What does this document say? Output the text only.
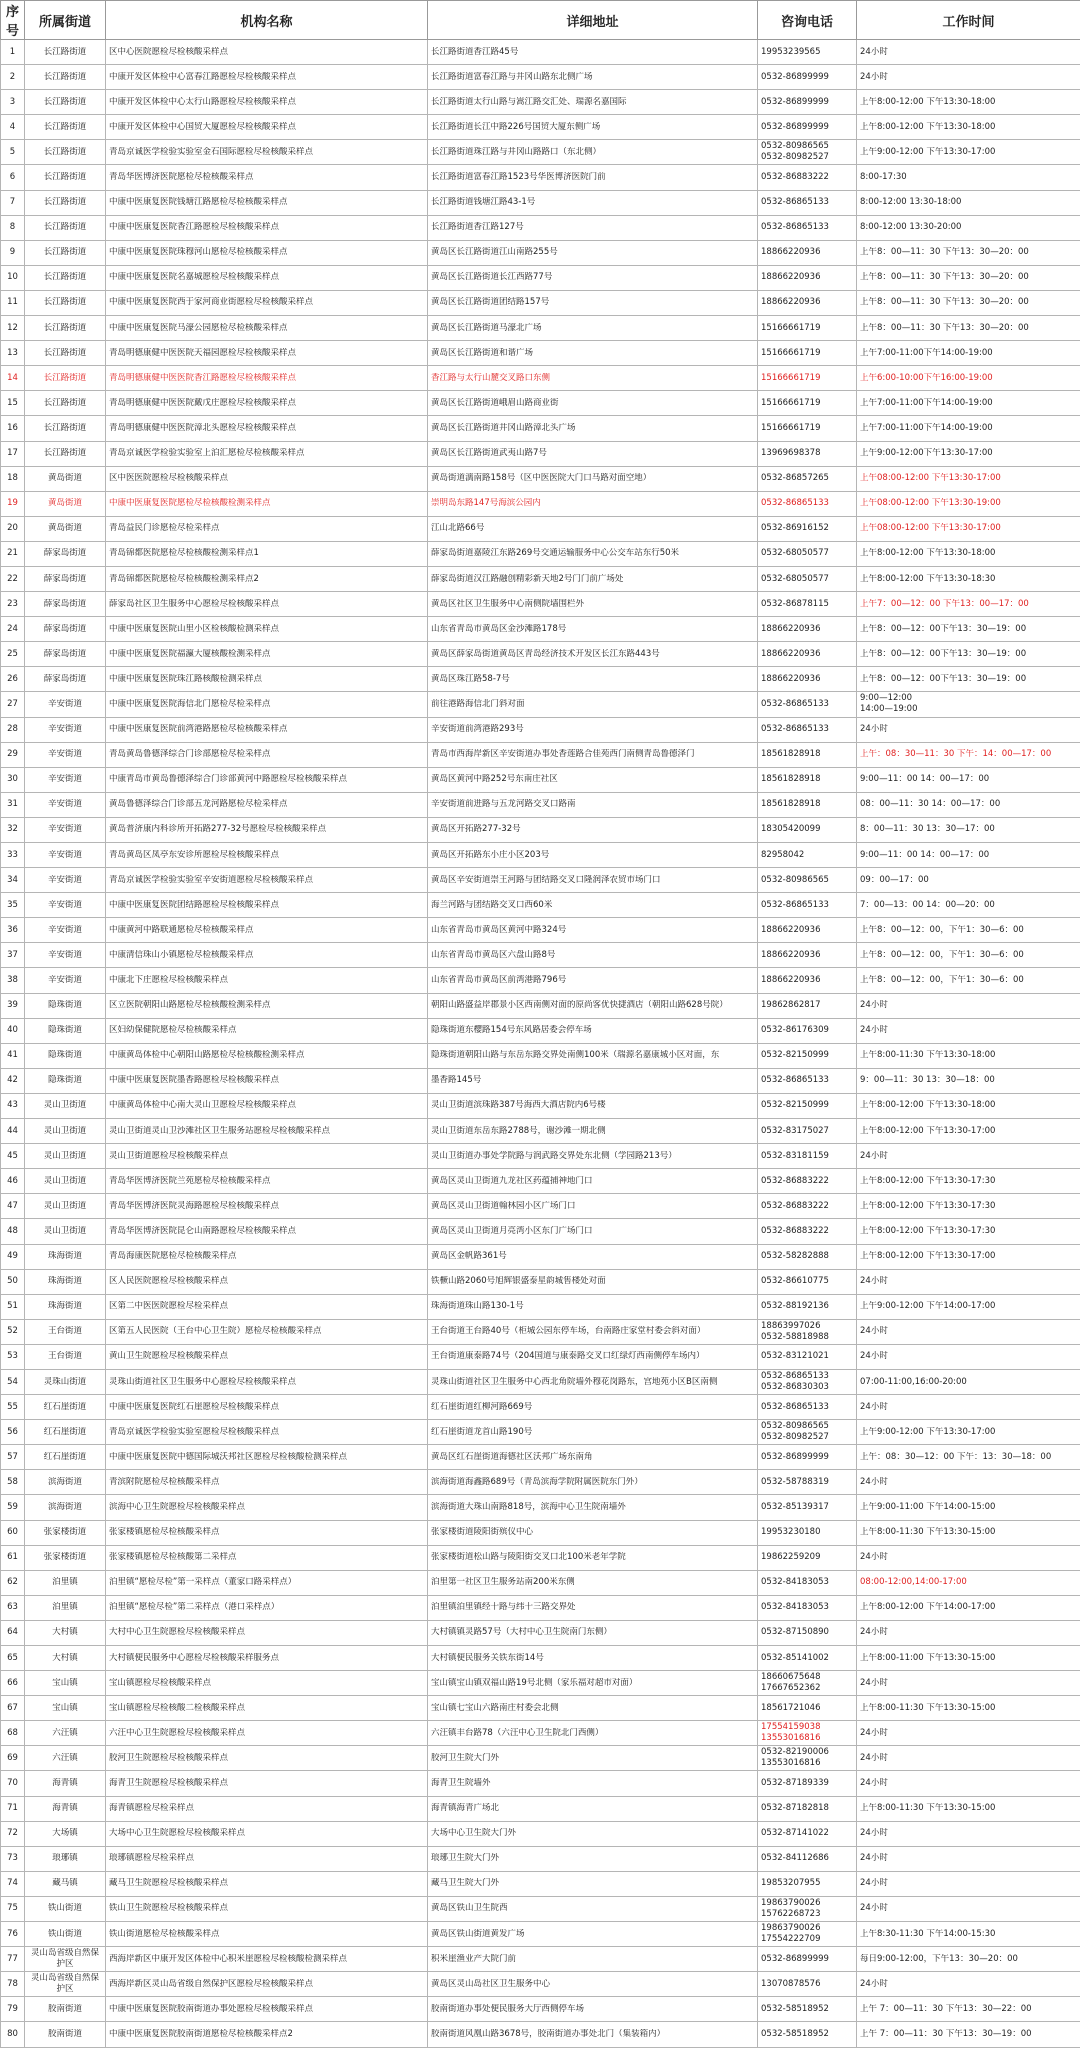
序号	所属街道	机构名称	详细地址	咨询电话	工作时间

1	长江路街道	区中心医院愿检尽检核酸采样点	长江路街道香江路45号	19953239565	24小时

2	长江路街道	中康开发区体检中心富春江路愿检尽检核酸采样点	长江路街道富春江路与井冈山路东北侧广场	0532-86899999	24小时

3	长江路街道	中康开发区体检中心太行山路愿检尽检核酸采样点	长江路街道太行山路与嵩江路交汇处、瑞源名嘉国际	0532-86899999	上午8:00-12:00 下午13:30-18:00

4	长江路街道	中康开发区体检中心国贸大厦愿检尽检核酸采样点	长江路街道长江中路226号国贸大厦东侧广场	0532-86899999	上午8:00-12:00 下午13:30-18:00

5	长江路街道	青岛京诚医学检验实验室金石国际愿检尽检核酸采样点	长江路街道珠江路与井冈山路路口（东北侧）	0532-80986565
0532-80982527	上午9:00-12:00 下午13:30-17:00

6	长江路街道	青岛华医博济医院愿检尽检核酸采样点	长江路街道富春江路1523号华医博济医院门前	0532-86883222	8:00-17:30

7	长江路街道	中康中医康复医院钱塘江路愿检尽检核酸采样点	长江路街道钱塘江路43-1号	0532-86865133	8:00-12:00 13:30-18:00

8	长江路街道	中康中医康复医院香江路愿检尽检核酸采样点	长江路街道香江路127号	0532-86865133	8:00-12:00 13:30-20:00

9	长江路街道	中康中医康复医院珠穆河山愿检尽检核酸采样点	黄岛区长江路街道江山南路255号	18866220936	上午8：00—11：30 下午13：30—20：00

10	长江路街道	中康中医康复医院名嘉城愿检尽检核酸采样点	黄岛区长江路街道长江西路77号	18866220936	上午8：00—11：30 下午13：30—20：00

11	长江路街道	中康中医康复医院西于家河商业街愿检尽检核酸采样点	黄岛区长江路街道团结路157号	18866220936	上午8：00—11：30 下午13：30—20：00

12	长江路街道	中康中医康复医院马濠公园愿检尽检核酸采样点	黄岛区长江路街道马濠北广场	15166661719	上午8：00—11：30 下午13：30—20：00

13	长江路街道	青岛明德康健中医医院天福园愿检尽检核酸采样点	黄岛区长江路街道和谐广场	15166661719	上午7:00-11:00下午14:00-19:00

14	长江路街道	青岛明德康健中医医院香江路愿检尽检核酸采样点	香江路与太行山麓交叉路口东侧	15166661719	上午6:00-10:00下午16:00-19:00

15	长江路街道	青岛明德康健中医医院戴戊庄愿检尽检核酸采样点	黄岛区长江路街道峨眉山路商业街	15166661719	上午7:00-11:00下午14:00-19:00

16	长江路街道	青岛明德康健中医医院漳北头愿检尽检核酸采样点	黄岛区长江路街道井冈山路漳北头广场	15166661719	上午7:00-11:00下午14:00-19:00

17	长江路街道	青岛京诚医学检验实验室上泊汇愿检尽检核酸采样点	黄岛区长江路街道武夷山路7号	13969698378	上午9:00-12:00下午13:30-17:00

18	黄岛街道	区中医医院愿检尽检核酸采样点	黄岛街道漓南路158号（区中医医院大门口马路对面空地）	0532-86857265	上午08:00-12:00 下午13:30-17:00

19	黄岛街道	中康中医康复医院愿检尽检核酸检测采样点	崇明岛东路147号海滨公园内	0532-86865133	上午08:00-12:00 下午13:30-19:00

20	黄岛街道	青岛益民门诊愿检尽检采样点	江山北路66号	0532-86916152	上午08:00-12:00 下午13:30-17:00

21	薛家岛街道	青岛锦都医院愿检尽检核酸检测采样点1	薛家岛街道嘉陵江东路269号交通运输服务中心公交车站东行50米	0532-68050577	上午8:00-12:00 下午13:30-18:00

22	薛家岛街道	青岛锦都医院愿检尽检核酸检测采样点2	薛家岛街道汉江路融创精彩新天地2号门门前广场处	0532-68050577	上午8:00-12:00 下午13:30-18:30

23	薛家岛街道	薛家岛社区卫生服务中心愿检尽检核酸采样点	黄岛区社区卫生服务中心南侧院墙围栏外	0532-86878115	上午7：00—12：00 下午13：00—17：00

24	薛家岛街道	中康中医康复医院山里小区检核酸检测采样点	山东省青岛市黄岛区金沙滩路178号	18866220936	上午8：00—12：00下午13：30—19：00

25	薛家岛街道	中康中医康复医院福瀛大厦核酸检测采样点	黄岛区薛家岛街道黄岛区青岛经济技术开发区长江东路443号	18866220936	上午8：00—12：00下午13：30—19：00

26	薛家岛街道	中康中医康复医院珠江路核酸检测采样点	黄岛区珠江路58-7号	18866220936	上午8：00—12：00下午13：30—19：00

27	辛安街道	中康中医康复医院海信北门愿检尽检采样点	前往港路海信北门斜对面	0532-86865133	9:00—12:00
14:00—19:00

28	辛安街道	中康中医康复医院前湾港路愿检尽检核酸采样点	辛安街道前湾港路293号	0532-86865133	24小时

29	辛安街道	青岛黄岛鲁德泽综合门诊部愿检尽检采样点	青岛市西海岸新区辛安街道办事处香莲路合佳苑西门南侧青岛鲁德泽门	18561828918	上午：08：30—11：30 下午：14：00—17：00

30	辛安街道	中康青岛市黄岛鲁德泽综合门诊部黄河中路愿检尽检核酸采样点	黄岛区黄河中路252号东南庄社区	18561828918	9:00—11：00 14：00—17：00

31	辛安街道	黄岛鲁德泽综合门诊部五龙河路愿检尽检采样点	辛安街道前进路与五龙河路交叉口路南	18561828918	08：00—11：30 14：00—17：00

32	辛安街道	黄岛普济康内科诊所开拓路277-32号愿检尽检核酸采样点	黄岛区开拓路277-32号	18305420099	8：00—11：30 13：30—17：00

33	辛安街道	青岛黄岛区凤亭东安诊所愿检尽检核酸采样点	黄岛区开拓路东小庄小区203号	82958042	9:00—11：00 14：00—17：00

34	辛安街道	青岛京诚医学检验实验室辛安街道愿检尽检核酸采样点	黄岛区辛安街道崇王河路与团结路交叉口隆润泽农贸市场门口	0532-80986565	09：00—17：00

35	辛安街道	中康中医康复医院团结路愿检尽检核酸采样点	海兰河路与团结路交叉口西60米	0532-86865133	7：00—13：00 14：00—20：00

36	辛安街道	中康黄河中路联通愿检尽检核酸采样点	山东省青岛市黄岛区黄河中路324号	18866220936	上午8：00—12：00，下午1：30—6：00

37	辛安街道	中康清信珠山小镇愿检尽检核酸采样点	山东省青岛市黄岛区六盘山路8号	18866220936	上午8：00—12：00，下午1：30—6：00

38	辛安街道	中康北下庄愿检尽检核酸采样点	山东省青岛市黄岛区前湾港路796号	18866220936	上午8：00—12：00，下午1：30—6：00

39	隐珠街道	区立医院朝阳山路愿检尽检核酸检测采样点	朝阳山路盛益岸郡景小区西南侧对面的原尚客优快捷酒店（朝阳山路628号院）	19862862817	24小时

40	隐珠街道	区妇幼保健院愿检尽检核酸采样点	隐珠街道东樱路154号东风路居委会停车场	0532-86176309	24小时

41	隐珠街道	中康黄岛体检中心朝阳山路愿检尽检核酸检测采样点	隐珠街道朝阳山路与东岳东路交界处南侧100米（瑞源名嘉康城小区对面，东	0532-82150999	上午8:00-11:30 下午13:30-18:00

42	隐珠街道	中康中医康复医院墨香路愿检尽检核酸采样点	墨香路145号	0532-86865133	9：00—11：30 13：30—18：00

43	灵山卫街道	中康黄岛体检中心南大灵山卫愿检尽检核酸采样点	灵山卫街道滨珠路387号海西大酒店院内6号楼	0532-82150999	上午8:00-12:00 下午13:30-18:00

44	灵山卫街道	灵山卫街道灵山卫沙滩社区卫生服务站愿检尽检核酸采样点	灵山卫街道东岳东路2788号，谢沙滩一期北侧	0532-83175027	上午8:00-12:00 下午13:30-17:00

45	灵山卫街道	灵山卫街道愿检尽检核酸采样点	灵山卫街道办事处学院路与润武路交界处东北侧（学园路213号）	0532-83181159	24小时

46	灵山卫街道	青岛华医博济医院兰苑愿检尽检核酸采样点	黄岛区灵山卫街道九龙社区药蕴捕神地门口	0532-86883222	上午8:00-12:00 下午13:30-17:30

47	灵山卫街道	青岛华医博济医院灵海路愿检尽检核酸采样点	黄岛区灵山卫街道翰林园小区广场门口	0532-86883222	上午8:00-12:00 下午13:30-17:30

48	灵山卫街道	青岛华医博济医院昆仑山南路愿检尽检核酸采样点	黄岛区灵山卫街道月亮湾小区东门广场门口	0532-86883222	上午8:00-12:00 下午13:30-17:30

49	珠海街道	青岛海康医院愿检尽检核酸采样点	黄岛区金帆路361号	0532-58282888	上午8:00-12:00 下午13:30-17:00

50	珠海街道	区人民医院愿检尽检核酸采样点	铁橛山路2060号旭辉银盛泰星韵城售楼处对面	0532-86610775	24小时

51	珠海街道	区第二中医医院愿检尽检采样点	珠海街道珠山路130-1号	0532-88192136	上午9:00-12:00 下午14:00-17:00

52	王台街道	区第五人民医院（王台中心卫生院）愿检尽检核酸采样点	王台街道王台路40号（柜城公园东停车场，台南路庄家堂村委会斜对面）	18863997026
0532-58818988	24小时

53	王台街道	黄山卫生院愿检尽检核酸采样点	王台街道康泰路74号（204国道与康泰路交叉口红绿灯西南侧停车场内）	0532-83121021	24小时

54	灵珠山街道	灵珠山街道社区卫生服务中心愿检尽检核酸采样点	灵珠山街道社区卫生服务中心西北角院墙外穆花岗路东，宫地苑小区B区南侧	0532-86865133
0532-86830303	07:00-11:00,16:00-20:00

55	红石崖街道	中康中医康复医院红石崖愿检尽检核酸采样点	红石崖街道红柳河路669号	0532-86865133	24小时

56	红石崖街道	青岛京诚医学检验实验室愿检尽检核酸采样点	红石崖街道龙首山路190号	0532-80986565
0532-80982527	上午9:00-12:00 下午13:30-17:00

57	红石崖街道	中康中医康复医院中德国际城沃邦社区愿检尽检核酸检测采样点	黄岛区红石崖街道海德社区沃邦广场东南角	0532-86899999	上午：08：30—12：00 下午：13：30—18：00

58	滨海街道	青滨附院愿检尽检核酸采样点	滨海街道海鑫路689号（青岛滨海学院附属医院东门外）	0532-58788319	24小时

59	滨海街道	滨海中心卫生院愿检尽检核酸采样点	滨海街道大珠山南路818号，滨海中心卫生院南墙外	0532-85139317	上午9:00-11:00 下午14:00-15:00

60	张家楼街道	张家楼镇愿检尽检核酸采样点	张家楼街道陵阳街殡仪中心	19953230180	上午8:00-11:30 下午13:30-15:00

61	张家楼街道	张家楼镇愿检尽检核酸第二采样点	张家楼街道松山路与陵阳街交叉口北100米老年学院	19862259209	24小时

62	泊里镇	泊里镇“愿检尽检”第一采样点（董家口路采样点）	泊里第一社区卫生服务站南200米东侧	0532-84183053	08:00-12:00,14:00-17:00

63	泊里镇	泊里镇“愿检尽检”第二采样点（港口采样点）	泊里镇泊里镇经十路与纬十三路交界处	0532-84183053	上午8:00-12:00 下午14:00-17:00

64	大村镇	大村中心卫生院愿检尽检核酸采样点	大村镇镇灵路57号（大村中心卫生院南门东侧）	0532-87150890	24小时

65	大村镇	大村镇便民服务中心愿检尽检核酸采样服务点	大村镇便民服务关铁东街14号	0532-85141002	上午8:00-11:00 下午13:30-15:00

66	宝山镇	宝山镇愿检尽检核酸采样点	宝山镇宝山镇双福山路19号北侧（家乐福对超市对面）	18660675648
17667652362	24小时

67	宝山镇	宝山镇愿检尽检核酸二检核酸采样点	宝山镇七宝山六路南庄村委会北侧	18561721046	上午8:00-11:30 下午13:30-15:00

68	六汪镇	六汪中心卫生院愿检尽检核酸采样点	六汪镇丰台路78（六汪中心卫生院北门西侧）	17554159038
13553016816	24小时

69	六汪镇	胶河卫生院愿检尽检核酸采样点	胶河卫生院大门外	0532-82190006
13553016816	24小时

70	海青镇	海青卫生院愿检尽检核酸采样点	海青卫生院墙外	0532-87189339	24小时

71	海青镇	海青镇愿检尽检采样点	海青镇海青广场北	0532-87182818	上午8:00-11:30 下午13:30-15:00

72	大场镇	大场中心卫生院愿检尽检核酸采样点	大场中心卫生院大门外	0532-87141022	24小时

73	琅琊镇	琅琊镇愿检尽检采样点	琅琊卫生院大门外	0532-84112686	24小时

74	藏马镇	藏马卫生院愿检尽检核酸采样点	藏马卫生院大门外	19853207955	24小时

75	铁山街道	铁山卫生院愿检尽检核酸采样点	黄岛区铁山卫生院西	19863790026
15762268723	24小时

76	铁山街道	铁山街道愿检尽检核酸采样点	黄岛区铁山街道黄发广场	19863790026
17554222709	上午8:30-11:30 下午14:00-15:30

77	灵山岛省级自然保护区	西海岸新区中康开发区体检中心积米崖愿检尽检核酸检测采样点	积米崖渔业产大院门前	0532-86899999	每日9:00-12:00，下午13：30—20：00

78	灵山岛省级自然保护区	西海岸新区灵山岛省级自然保护区愿检尽检核酸采样点	黄岛区灵山岛社区卫生服务中心	13070878576	24小时

79	胶南街道	中康中医康复医院胶南街道办事处愿检尽检核酸采样点	胶南街道办事处便民服务大厅西侧停车场	0532-58518952	上午 7：00—11：30 下午13：30—22：00

80	胶南街道	中康中医康复医院胶南街道愿检尽检核酸采样点2	胶南街道风凰山路3678号，胶南街道办事处北门（集装箱内）	0532-58518952	上午 7：00—11：30 下午13：30—19：00
